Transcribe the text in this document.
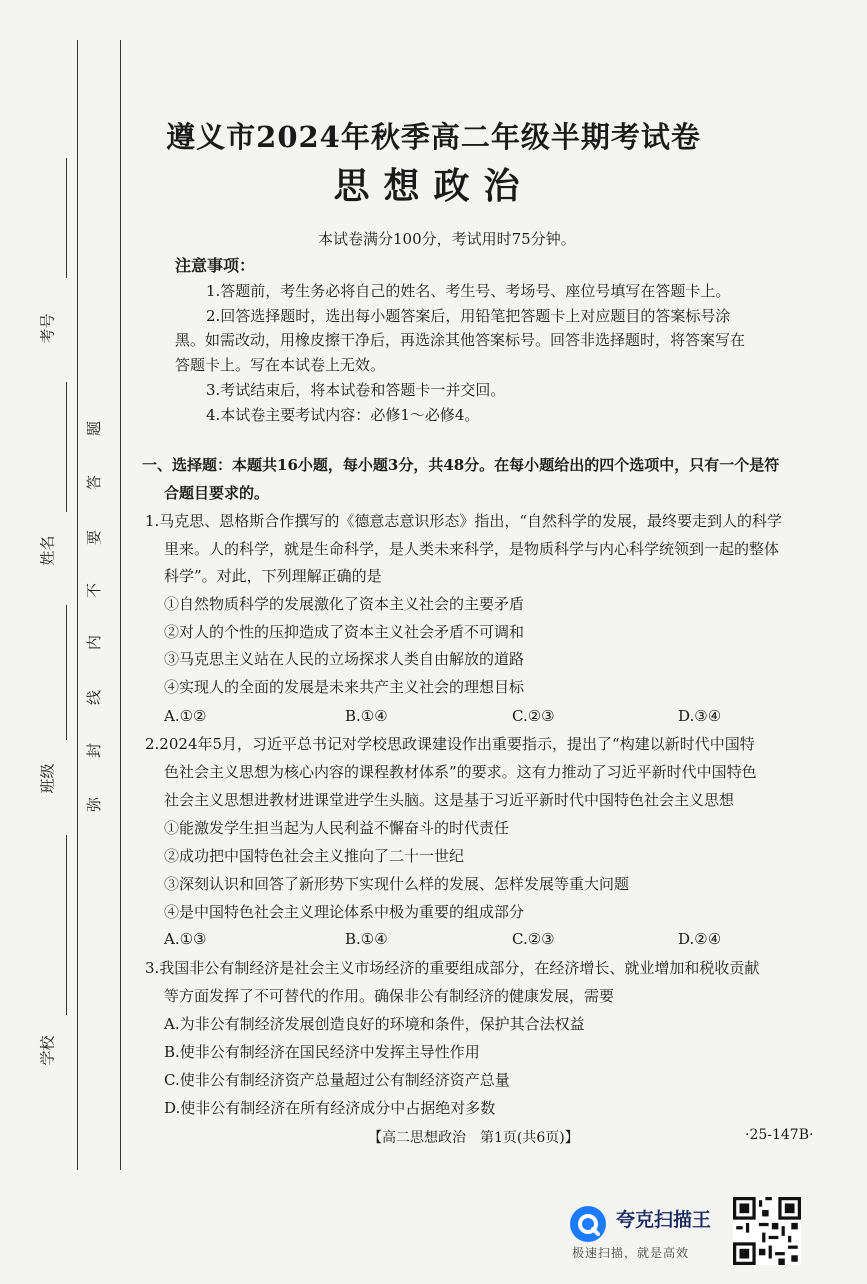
考号
姓名
班级
学校
题
答
要
不
内
线
封
弥
遵义市2024年秋季高二年级半期考试卷
思想政治
本试卷满分100分，考试用时75分钟。
注意事项：
1.答题前，考生务必将自己的姓名、考生号、考场号、座位号填写在答题卡上。
2.回答选择题时，选出每小题答案后，用铅笔把答题卡上对应题目的答案标号涂
黑。如需改动，用橡皮擦干净后，再选涂其他答案标号。回答非选择题时，将答案写在
答题卡上。写在本试卷上无效。
3.考试结束后，将本试卷和答题卡一并交回。
4.本试卷主要考试内容：必修1～必修4。
一、选择题：本题共16小题，每小题3分，共48分。在每小题给出的四个选项中，只有一个是符
合题目要求的。
1.马克思、恩格斯合作撰写的《德意志意识形态》指出，“自然科学的发展，最终要走到人的科学
里来。人的科学，就是生命科学，是人类未来科学，是物质科学与内心科学统领到一起的整体
科学”。对此，下列理解正确的是
①自然物质科学的发展激化了资本主义社会的主要矛盾
②对人的个性的压抑造成了资本主义社会矛盾不可调和
③马克思主义站在人民的立场探求人类自由解放的道路
④实现人的全面的发展是未来共产主义社会的理想目标
A.①②	B.①④	C.②③	D.③④
2.2024年5月，习近平总书记对学校思政课建设作出重要指示，提出了“构建以新时代中国特
色社会主义思想为核心内容的课程教材体系”的要求。这有力推动了习近平新时代中国特色
社会主义思想进教材进课堂进学生头脑。这是基于习近平新时代中国特色社会主义思想
①能激发学生担当起为人民利益不懈奋斗的时代责任
②成功把中国特色社会主义推向了二十一世纪
③深刻认识和回答了新形势下实现什么样的发展、怎样发展等重大问题
④是中国特色社会主义理论体系中极为重要的组成部分
A.①③	B.①④	C.②③	D.②④
3.我国非公有制经济是社会主义市场经济的重要组成部分，在经济增长、就业增加和税收贡献
等方面发挥了不可替代的作用。确保非公有制经济的健康发展，需要
A.为非公有制经济发展创造良好的环境和条件，保护其合法权益
B.使非公有制经济在国民经济中发挥主导性作用
C.使非公有制经济资产总量超过公有制经济资产总量
D.使非公有制经济在所有经济成分中占据绝对多数
【高二思想政治　第1页(共6页)】	·25-147B·
夸克扫描王
极速扫描，就是高效
